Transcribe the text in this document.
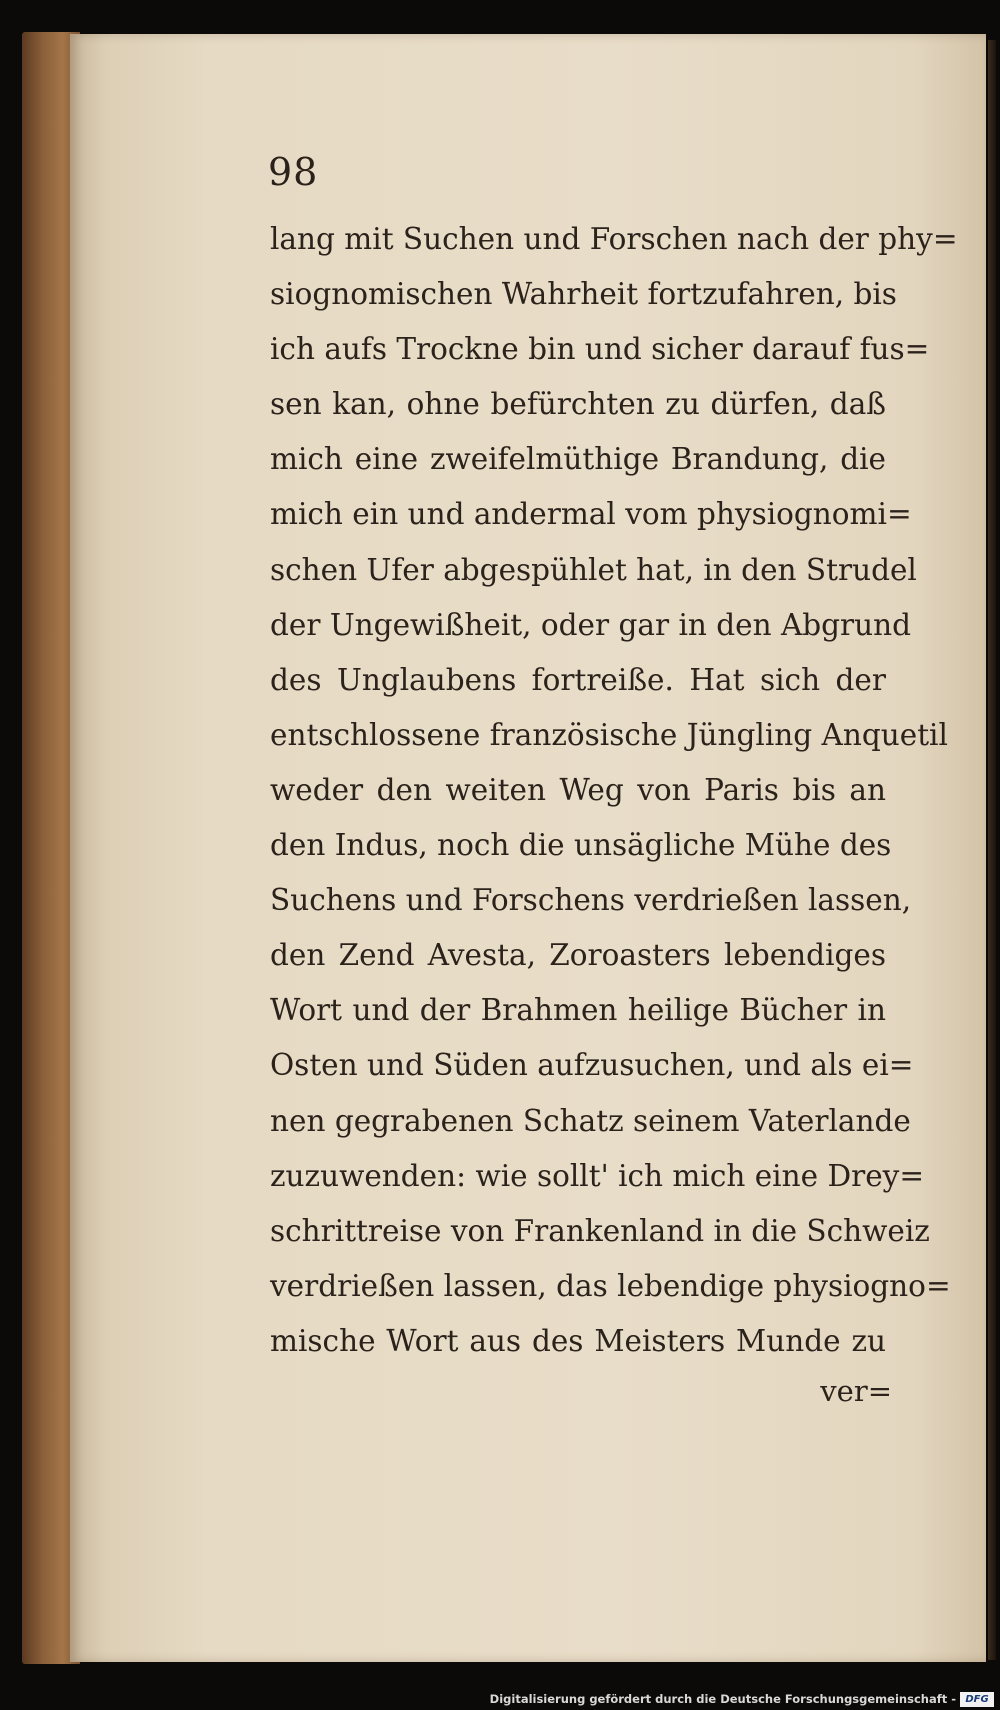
98
lang mit Suchen und Forschen nach der phy=
siognomischen Wahrheit fortzufahren, bis
ich aufs Trockne bin und sicher darauf fus=
sen kan, ohne befürchten zu dürfen, daß
mich eine zweifelmüthige Brandung, die
mich ein und andermal vom physiognomi=
schen Ufer abgespühlet hat, in den Strudel
der Ungewißheit, oder gar in den Abgrund
des Unglaubens fortreiße. Hat sich der
entschlossene französische Jüngling Anquetil
weder den weiten Weg von Paris bis an
den Indus, noch die unsägliche Mühe des
Suchens und Forschens verdrießen lassen,
den Zend Avesta, Zoroasters lebendiges
Wort und der Brahmen heilige Bücher in
Osten und Süden aufzusuchen, und als ei=
nen gegrabenen Schatz seinem Vaterlande
zuzuwenden: wie sollt' ich mich eine Drey=
schrittreise von Frankenland in die Schweiz
verdrießen lassen, das lebendige physiogno=
mische Wort aus des Meisters Munde zu
ver=
Digitalisierung gefördert durch die Deutsche Forschungsgemeinschaft - DFG
